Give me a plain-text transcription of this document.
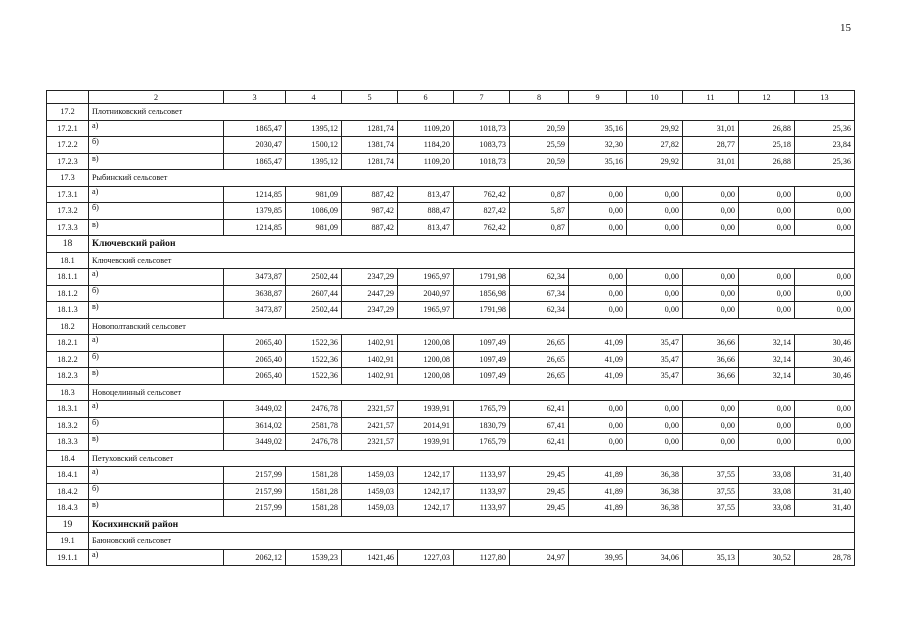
15
	2	3	4	5	6	7	8	9	10	11	12	13
17.2	Плотниковский сельсовет											
17.2.1	а)	1865,47	1395,12	1281,74	1109,20	1018,73	20,59	35,16	29,92	31,01	26,88	25,36
17.2.2	б)	2030,47	1500,12	1381,74	1184,20	1083,73	25,59	32,30	27,82	28,77	25,18	23,84
17.2.3	в)	1865,47	1395,12	1281,74	1109,20	1018,73	20,59	35,16	29,92	31,01	26,88	25,36
17.3	Рыбинский сельсовет											
17.3.1	а)	1214,85	981,09	887,42	813,47	762,42	0,87	0,00	0,00	0,00	0,00	0,00
17.3.2	б)	1379,85	1086,09	987,42	888,47	827,42	5,87	0,00	0,00	0,00	0,00	0,00
17.3.3	в)	1214,85	981,09	887,42	813,47	762,42	0,87	0,00	0,00	0,00	0,00	0,00
18	Ключевский район											
18.1	Ключевский сельсовет											
18.1.1	а)	3473,87	2502,44	2347,29	1965,97	1791,98	62,34	0,00	0,00	0,00	0,00	0,00
18.1.2	б)	3638,87	2607,44	2447,29	2040,97	1856,98	67,34	0,00	0,00	0,00	0,00	0,00
18.1.3	в)	3473,87	2502,44	2347,29	1965,97	1791,98	62,34	0,00	0,00	0,00	0,00	0,00
18.2	Новополтавский сельсовет											
18.2.1	а)	2065,40	1522,36	1402,91	1200,08	1097,49	26,65	41,09	35,47	36,66	32,14	30,46
18.2.2	б)	2065,40	1522,36	1402,91	1200,08	1097,49	26,65	41,09	35,47	36,66	32,14	30,46
18.2.3	в)	2065,40	1522,36	1402,91	1200,08	1097,49	26,65	41,09	35,47	36,66	32,14	30,46
18.3	Новоцелинный сельсовет											
18.3.1	а)	3449,02	2476,78	2321,57	1939,91	1765,79	62,41	0,00	0,00	0,00	0,00	0,00
18.3.2	б)	3614,02	2581,78	2421,57	2014,91	1830,79	67,41	0,00	0,00	0,00	0,00	0,00
18.3.3	в)	3449,02	2476,78	2321,57	1939,91	1765,79	62,41	0,00	0,00	0,00	0,00	0,00
18.4	Петуховский сельсовет											
18.4.1	а)	2157,99	1581,28	1459,03	1242,17	1133,97	29,45	41,89	36,38	37,55	33,08	31,40
18.4.2	б)	2157,99	1581,28	1459,03	1242,17	1133,97	29,45	41,89	36,38	37,55	33,08	31,40
18.4.3	в)	2157,99	1581,28	1459,03	1242,17	1133,97	29,45	41,89	36,38	37,55	33,08	31,40
19	Косихинский район											
19.1	Баюновский сельсовет											
19.1.1	а)	2062,12	1539,23	1421,46	1227,03	1127,80	24,97	39,95	34,06	35,13	30,52	28,78
